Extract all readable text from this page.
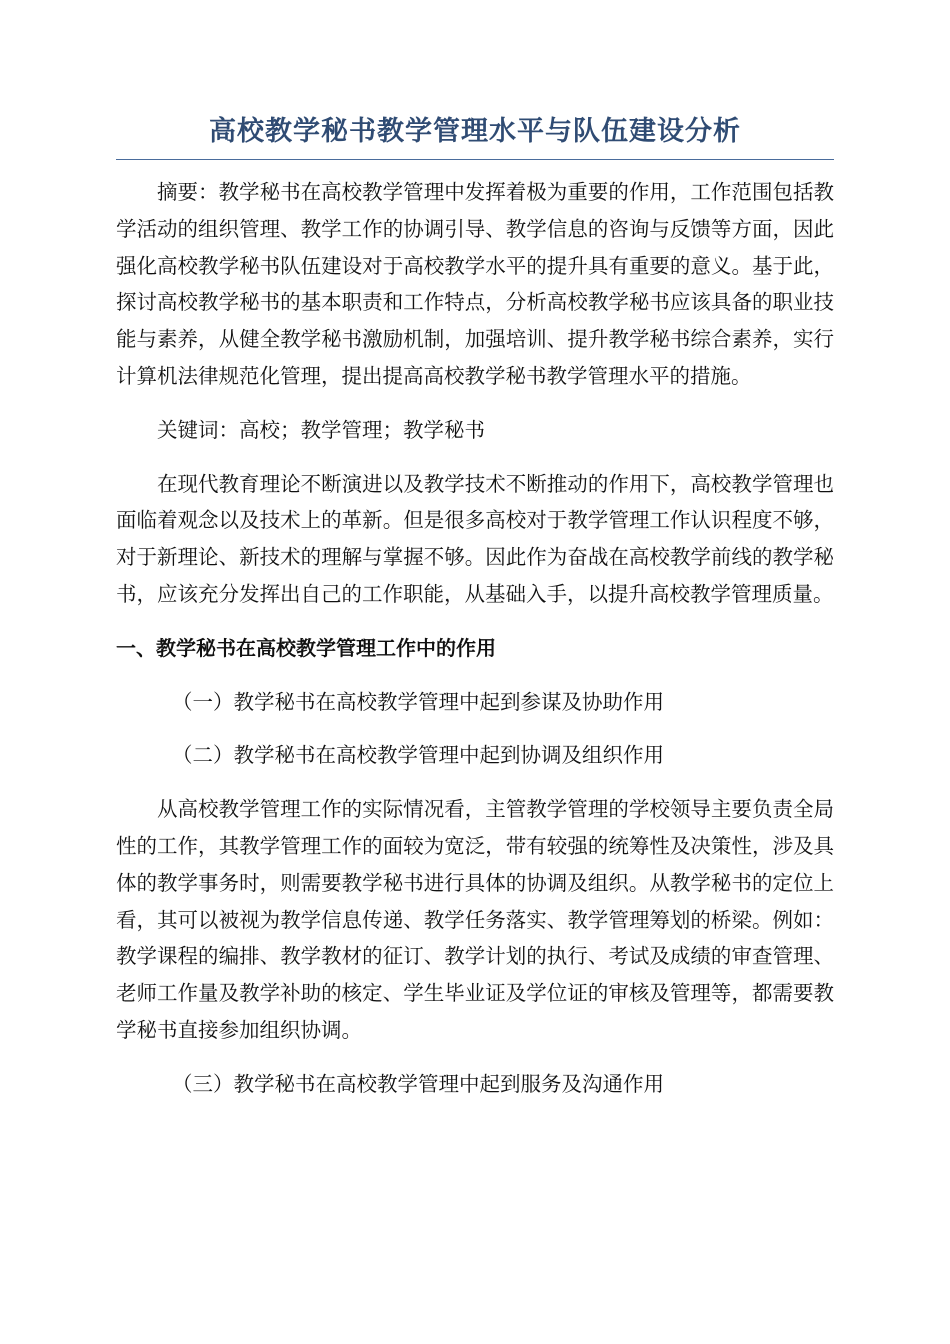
高校教学秘书教学管理水平与队伍建设分析

摘要：教学秘书在高校教学管理中发挥着极为重要的作用，工作范围包括教学活动的组织管理、教学工作的协调引导、教学信息的咨询与反馈等方面，因此强化高校教学秘书队伍建设对于高校教学水平的提升具有重要的意义。基于此，探讨高校教学秘书的基本职责和工作特点，分析高校教学秘书应该具备的职业技能与素养，从健全教学秘书激励机制，加强培训、提升教学秘书综合素养，实行计算机法律规范化管理，提出提高高校教学秘书教学管理水平的措施。

关键词：高校；教学管理；教学秘书

在现代教育理论不断演进以及教学技术不断推动的作用下，高校教学管理也面临着观念以及技术上的革新。但是很多高校对于教学管理工作认识程度不够，对于新理论、新技术的理解与掌握不够。因此作为奋战在高校教学前线的教学秘书，应该充分发挥出自己的工作职能，从基础入手，以提升高校教学管理质量。

一、教学秘书在高校教学管理工作中的作用

（一）教学秘书在高校教学管理中起到参谋及协助作用

（二）教学秘书在高校教学管理中起到协调及组织作用

从高校教学管理工作的实际情况看，主管教学管理的学校领导主要负责全局性的工作，其教学管理工作的面较为宽泛，带有较强的统筹性及决策性，涉及具体的教学事务时，则需要教学秘书进行具体的协调及组织。从教学秘书的定位上看，其可以被视为教学信息传递、教学任务落实、教学管理筹划的桥梁。例如：教学课程的编排、教学教材的征订、教学计划的执行、考试及成绩的审查管理、老师工作量及教学补助的核定、学生毕业证及学位证的审核及管理等，都需要教学秘书直接参加组织协调。

（三）教学秘书在高校教学管理中起到服务及沟通作用
